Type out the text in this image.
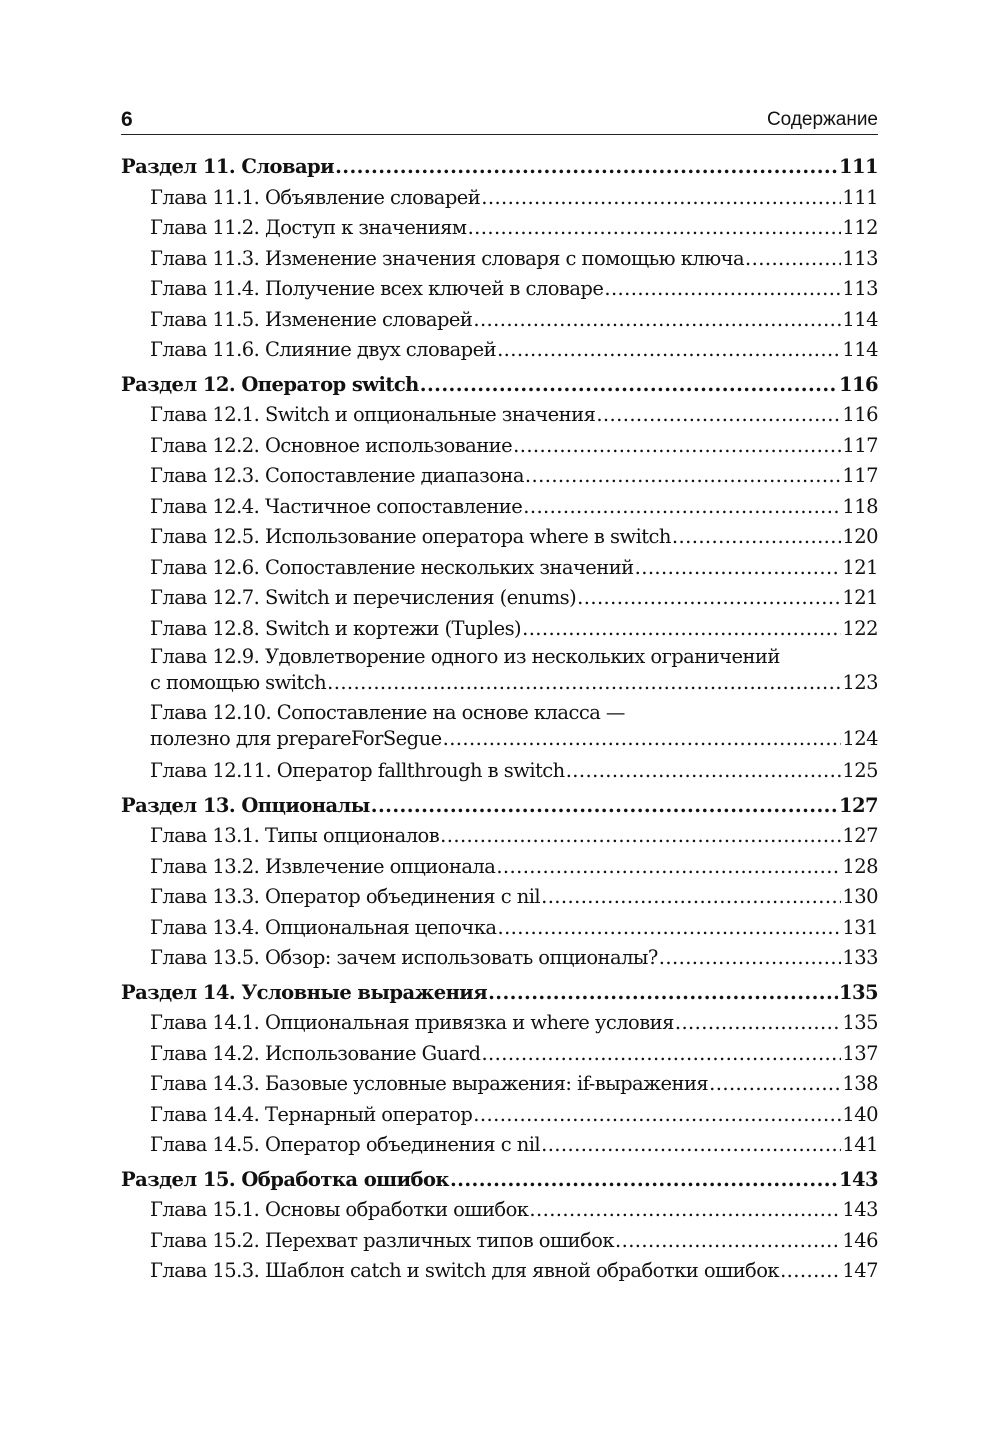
6	Содержание
Раздел 11. Словари .....	111
Глава 11.1. Объявление словарей .....	111
Глава 11.2. Доступ к значениям .....	112
Глава 11.3. Изменение значения словаря с помощью ключа .....	113
Глава 11.4. Получение всех ключей в словаре .....	113
Глава 11.5. Изменение словарей .....	114
Глава 11.6. Слияние двух словарей .....	114
Раздел 12. Оператор switch .....	116
Глава 12.1. Switch и опциональные значения .....	116
Глава 12.2. Основное использование .....	117
Глава 12.3. Сопоставление диапазона .....	117
Глава 12.4. Частичное сопоставление .....	118
Глава 12.5. Использование оператора where в switch .....	120
Глава 12.6. Сопоставление нескольких значений .....	121
Глава 12.7. Switch и перечисления (enums) .....	121
Глава 12.8. Switch и кортежи (Tuples) .....	122
Глава 12.9. Удовлетворение одного из нескольких ограничений
с помощью switch .....	123
Глава 12.10. Сопоставление на основе класса —
полезно для prepareForSegue .....	124
Глава 12.11. Оператор fallthrough в switch .....	125
Раздел 13. Опционалы .....	127
Глава 13.1. Типы опционалов .....	127
Глава 13.2. Извлечение опционала .....	128
Глава 13.3. Оператор объединения с nil .....	130
Глава 13.4. Опциональная цепочка .....	131
Глава 13.5. Обзор: зачем использовать опционалы? .....	133
Раздел 14. Условные выражения .....	135
Глава 14.1. Опциональная привязка и where условия .....	135
Глава 14.2. Использование Guard .....	137
Глава 14.3. Базовые условные выражения: if-выражения .....	138
Глава 14.4. Тернарный оператор .....	140
Глава 14.5. Оператор объединения с nil .....	141
Раздел 15. Обработка ошибок .....	143
Глава 15.1. Основы обработки ошибок .....	143
Глава 15.2. Перехват различных типов ошибок .....	146
Глава 15.3. Шаблон catch и switch для явной обработки ошибок .....	147
